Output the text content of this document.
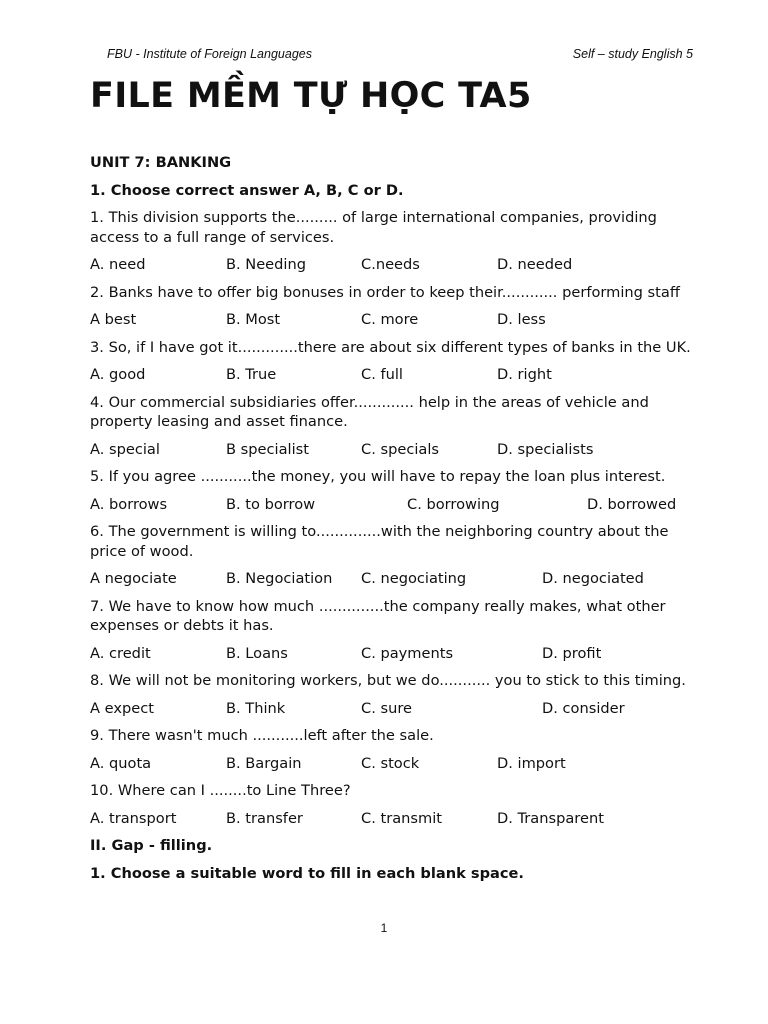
FBU - Institute of Foreign Languages	Self – study English 5
FILE MỀM TỰ HỌC TA5
UNIT 7: BANKING
1. Choose correct answer A, B, C or D.
1. This division supports the......... of large international companies, providing access to a full range of services.
A. need	B. Needing	C.needs	D. needed
2. Banks have to offer big bonuses in order to keep their............ performing staff
A best	B. Most	C. more	D. less
3. So, if I have got it.............there are about six different types of banks in the UK.
A. good	B. True	C. full	D. right
4. Our commercial subsidiaries offer............. help in the areas of vehicle and property leasing and asset finance.
A. special	B specialist	C. specials	D. specialists
5. If you agree ...........the money, you will have to repay the loan plus interest.
A. borrows	B. to borrow	C. borrowing	D. borrowed
6. The government is willing to..............with the neighboring country about the price of wood.
A negociate	B. Negociation C. negociating	D. negociated
7. We have to know how much ..............the company really makes, what other expenses or debts it has.
A. credit	B. Loans	C. payments	D. profit
8. We will not be monitoring workers, but we do........... you to stick to this timing.
A expect	B. Think	C. sure	D. consider
9. There wasn't much ...........left after the sale.
A. quota	B. Bargain	C. stock	D. import
10. Where can I ........to Line Three?
A. transport	B. transfer	C. transmit	D. Transparent
II. Gap - filling.
1. Choose a suitable word to fill in each blank space.
1
